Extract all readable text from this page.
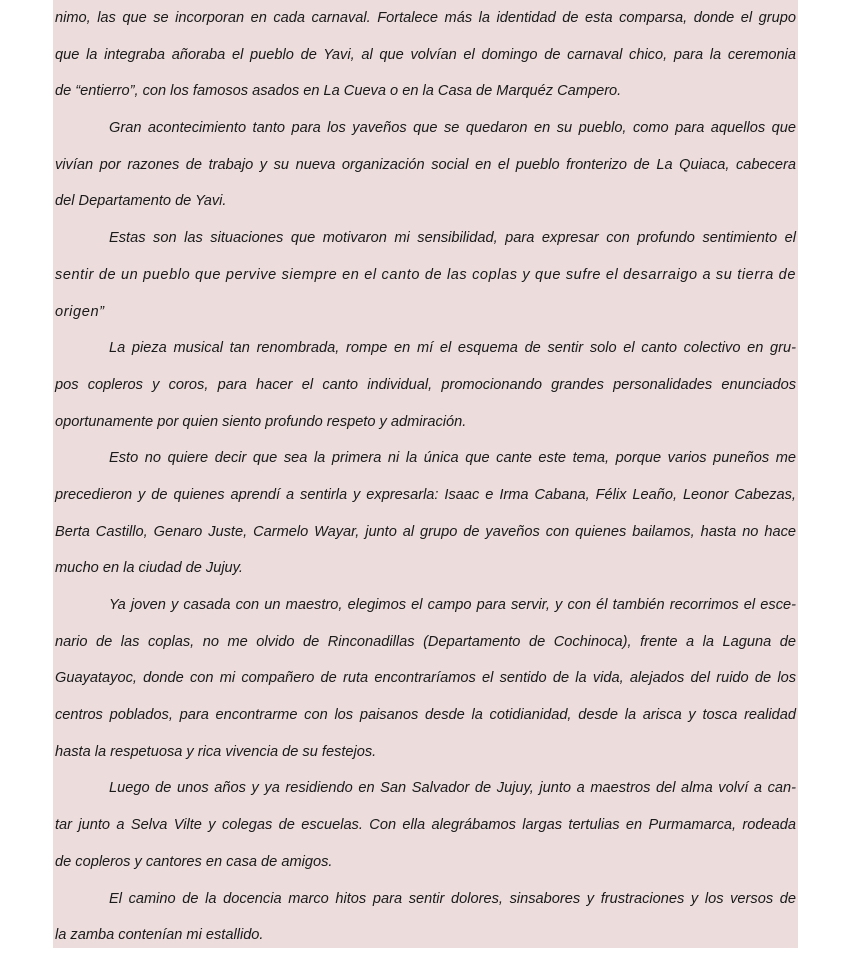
nimo, las que se incorporan en cada carnaval. Fortalece más la identidad de esta comparsa, donde el grupo
que la integraba añoraba el pueblo de Yavi, al que volvían el domingo de carnaval chico, para la ceremonia
de “entierro”, con los famosos asados en La Cueva o en la Casa de Marquéz Campero.
Gran acontecimiento tanto para los yaveños que se quedaron en su pueblo, como para aquellos que
vivían por razones de trabajo y su nueva organización social en el pueblo fronterizo de La Quiaca, cabecera
del Departamento de Yavi.
Estas son las situaciones que motivaron mi sensibilidad, para expresar con profundo sentimiento el
sentir de un pueblo que pervive siempre en el canto de las coplas y que sufre el desarraigo a su tierra de
origen”
La pieza musical tan renombrada, rompe en mí el esquema de sentir solo el canto colectivo en gru-
pos copleros y coros, para hacer el canto individual, promocionando grandes personalidades enunciados
oportunamente por quien siento profundo respeto y admiración.
Esto no quiere decir que sea la primera ni la única que cante este tema, porque varios puneños me
precedieron y de quienes aprendí a sentirla y expresarla: Isaac e Irma Cabana, Félix Leaño, Leonor Cabezas,
Berta Castillo, Genaro Juste, Carmelo Wayar, junto al grupo de yaveños con quienes bailamos, hasta no hace
mucho en la ciudad de Jujuy.
Ya joven y casada con un maestro, elegimos el campo para servir, y con él también recorrimos el esce-
nario de las coplas, no me olvido de Rinconadillas (Departamento de Cochinoca), frente a la Laguna de
Guayatayoc, donde con mi compañero de ruta encontraríamos el sentido de la vida, alejados del ruido de los
centros poblados, para encontrarme con los paisanos desde la cotidianidad, desde la arisca y tosca realidad
hasta la respetuosa y rica vivencia de su festejos.
Luego de unos años y ya residiendo en San Salvador de Jujuy, junto a maestros del alma volví a can-
tar junto a Selva Vilte y colegas de escuelas. Con ella alegrábamos largas tertulias en Purmamarca, rodeada
de copleros y cantores en casa de amigos.
El camino de la docencia marco hitos para sentir dolores, sinsabores y frustraciones y los versos de
la zamba contenían mi estallido.
